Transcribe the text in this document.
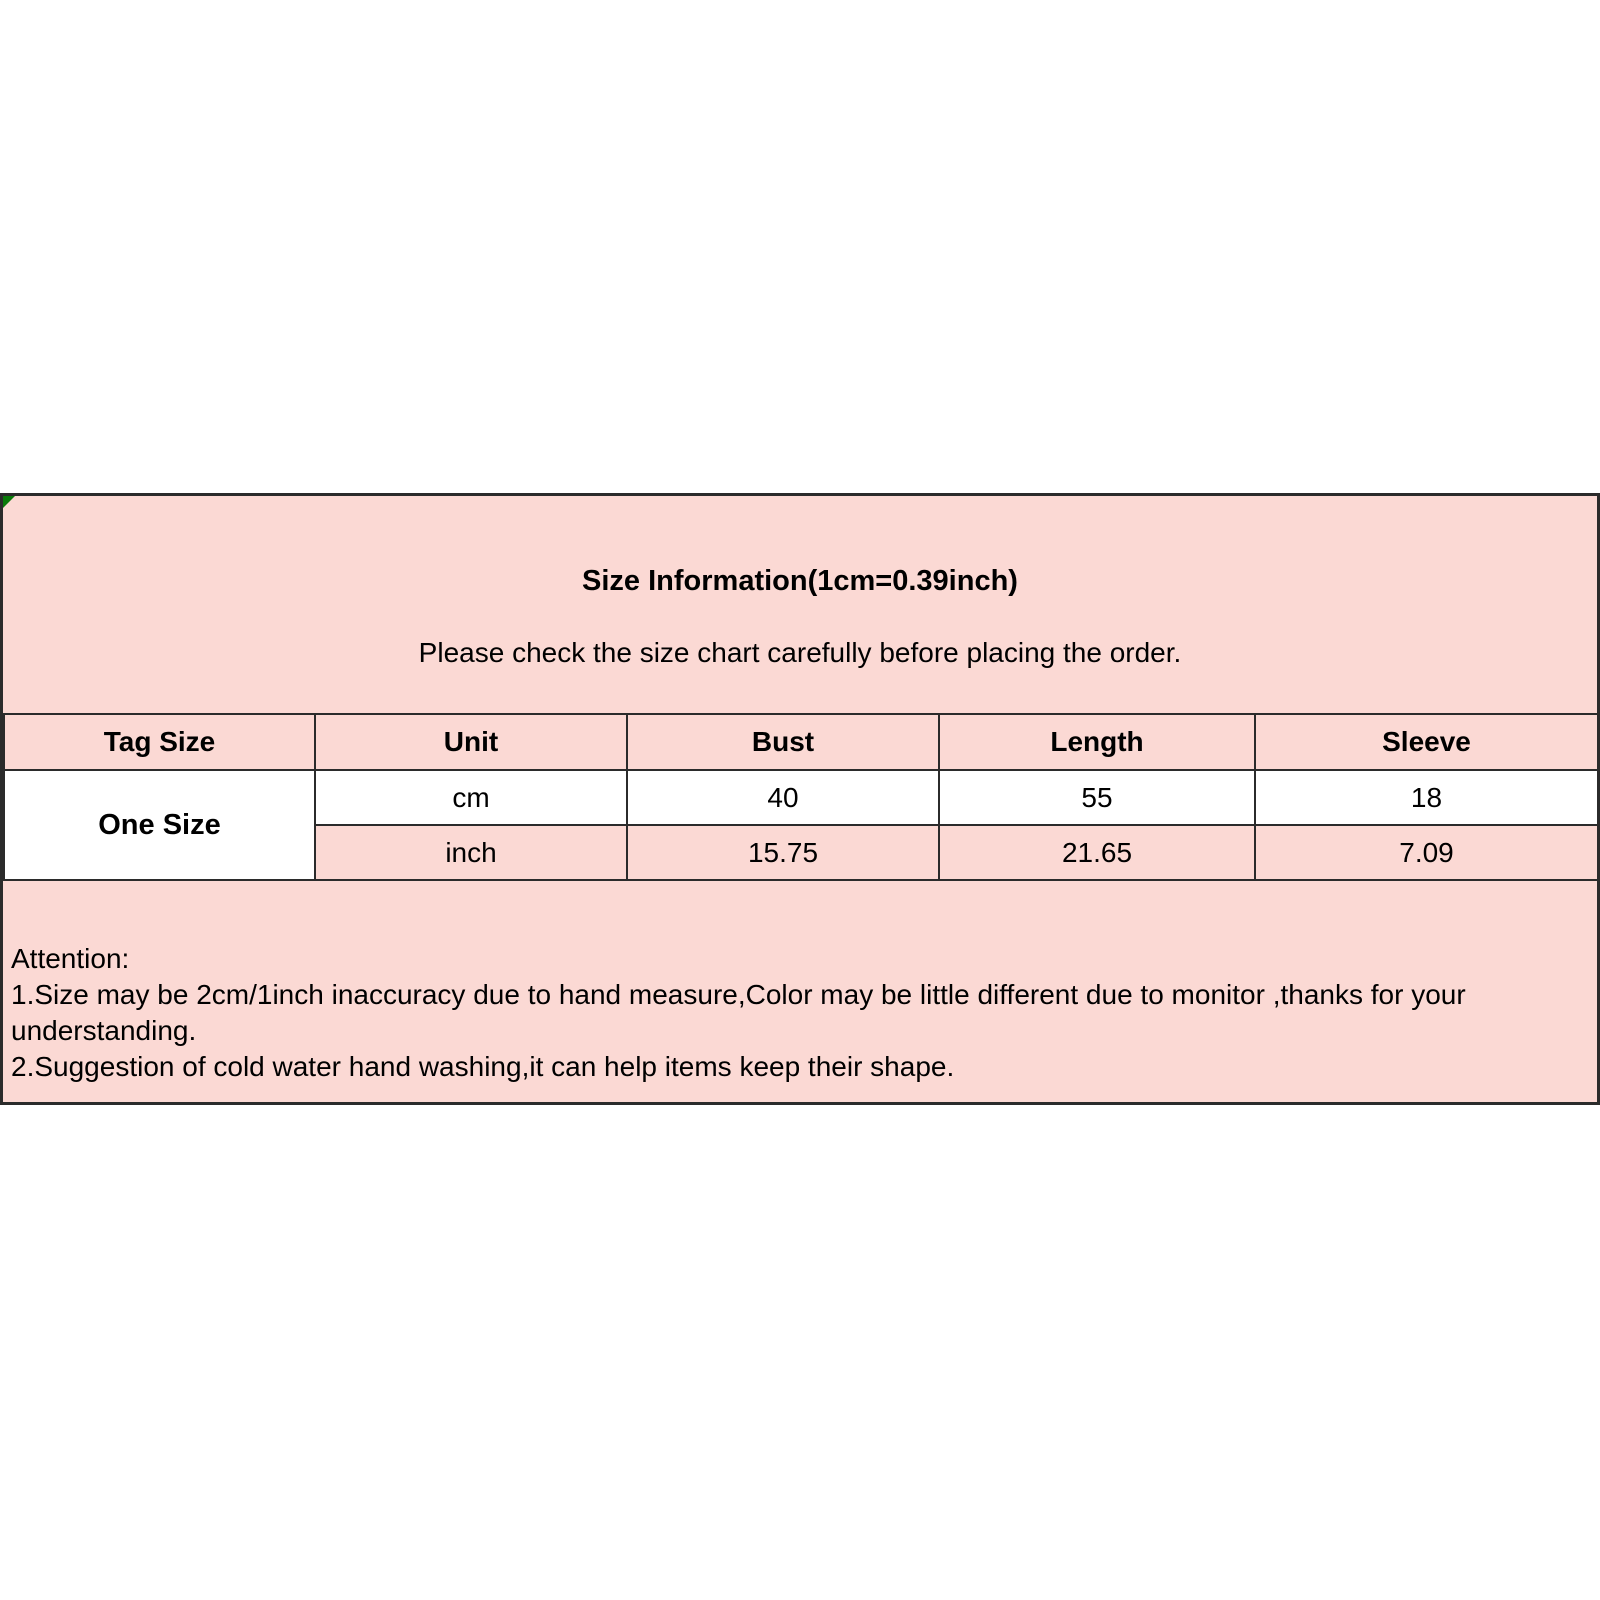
Size Information(1cm=0.39inch)
Please check the size chart carefully before placing the order.
Tag Size	Unit	Bust	Length	Sleeve
One Size	cm	40	55	18
	inch	15.75	21.65	7.09
Attention:
1.Size may be 2cm/1inch inaccuracy due to hand measure,Color may be little different due to monitor ,thanks for your
understanding.
2.Suggestion of cold water hand washing,it can help items keep their shape.
